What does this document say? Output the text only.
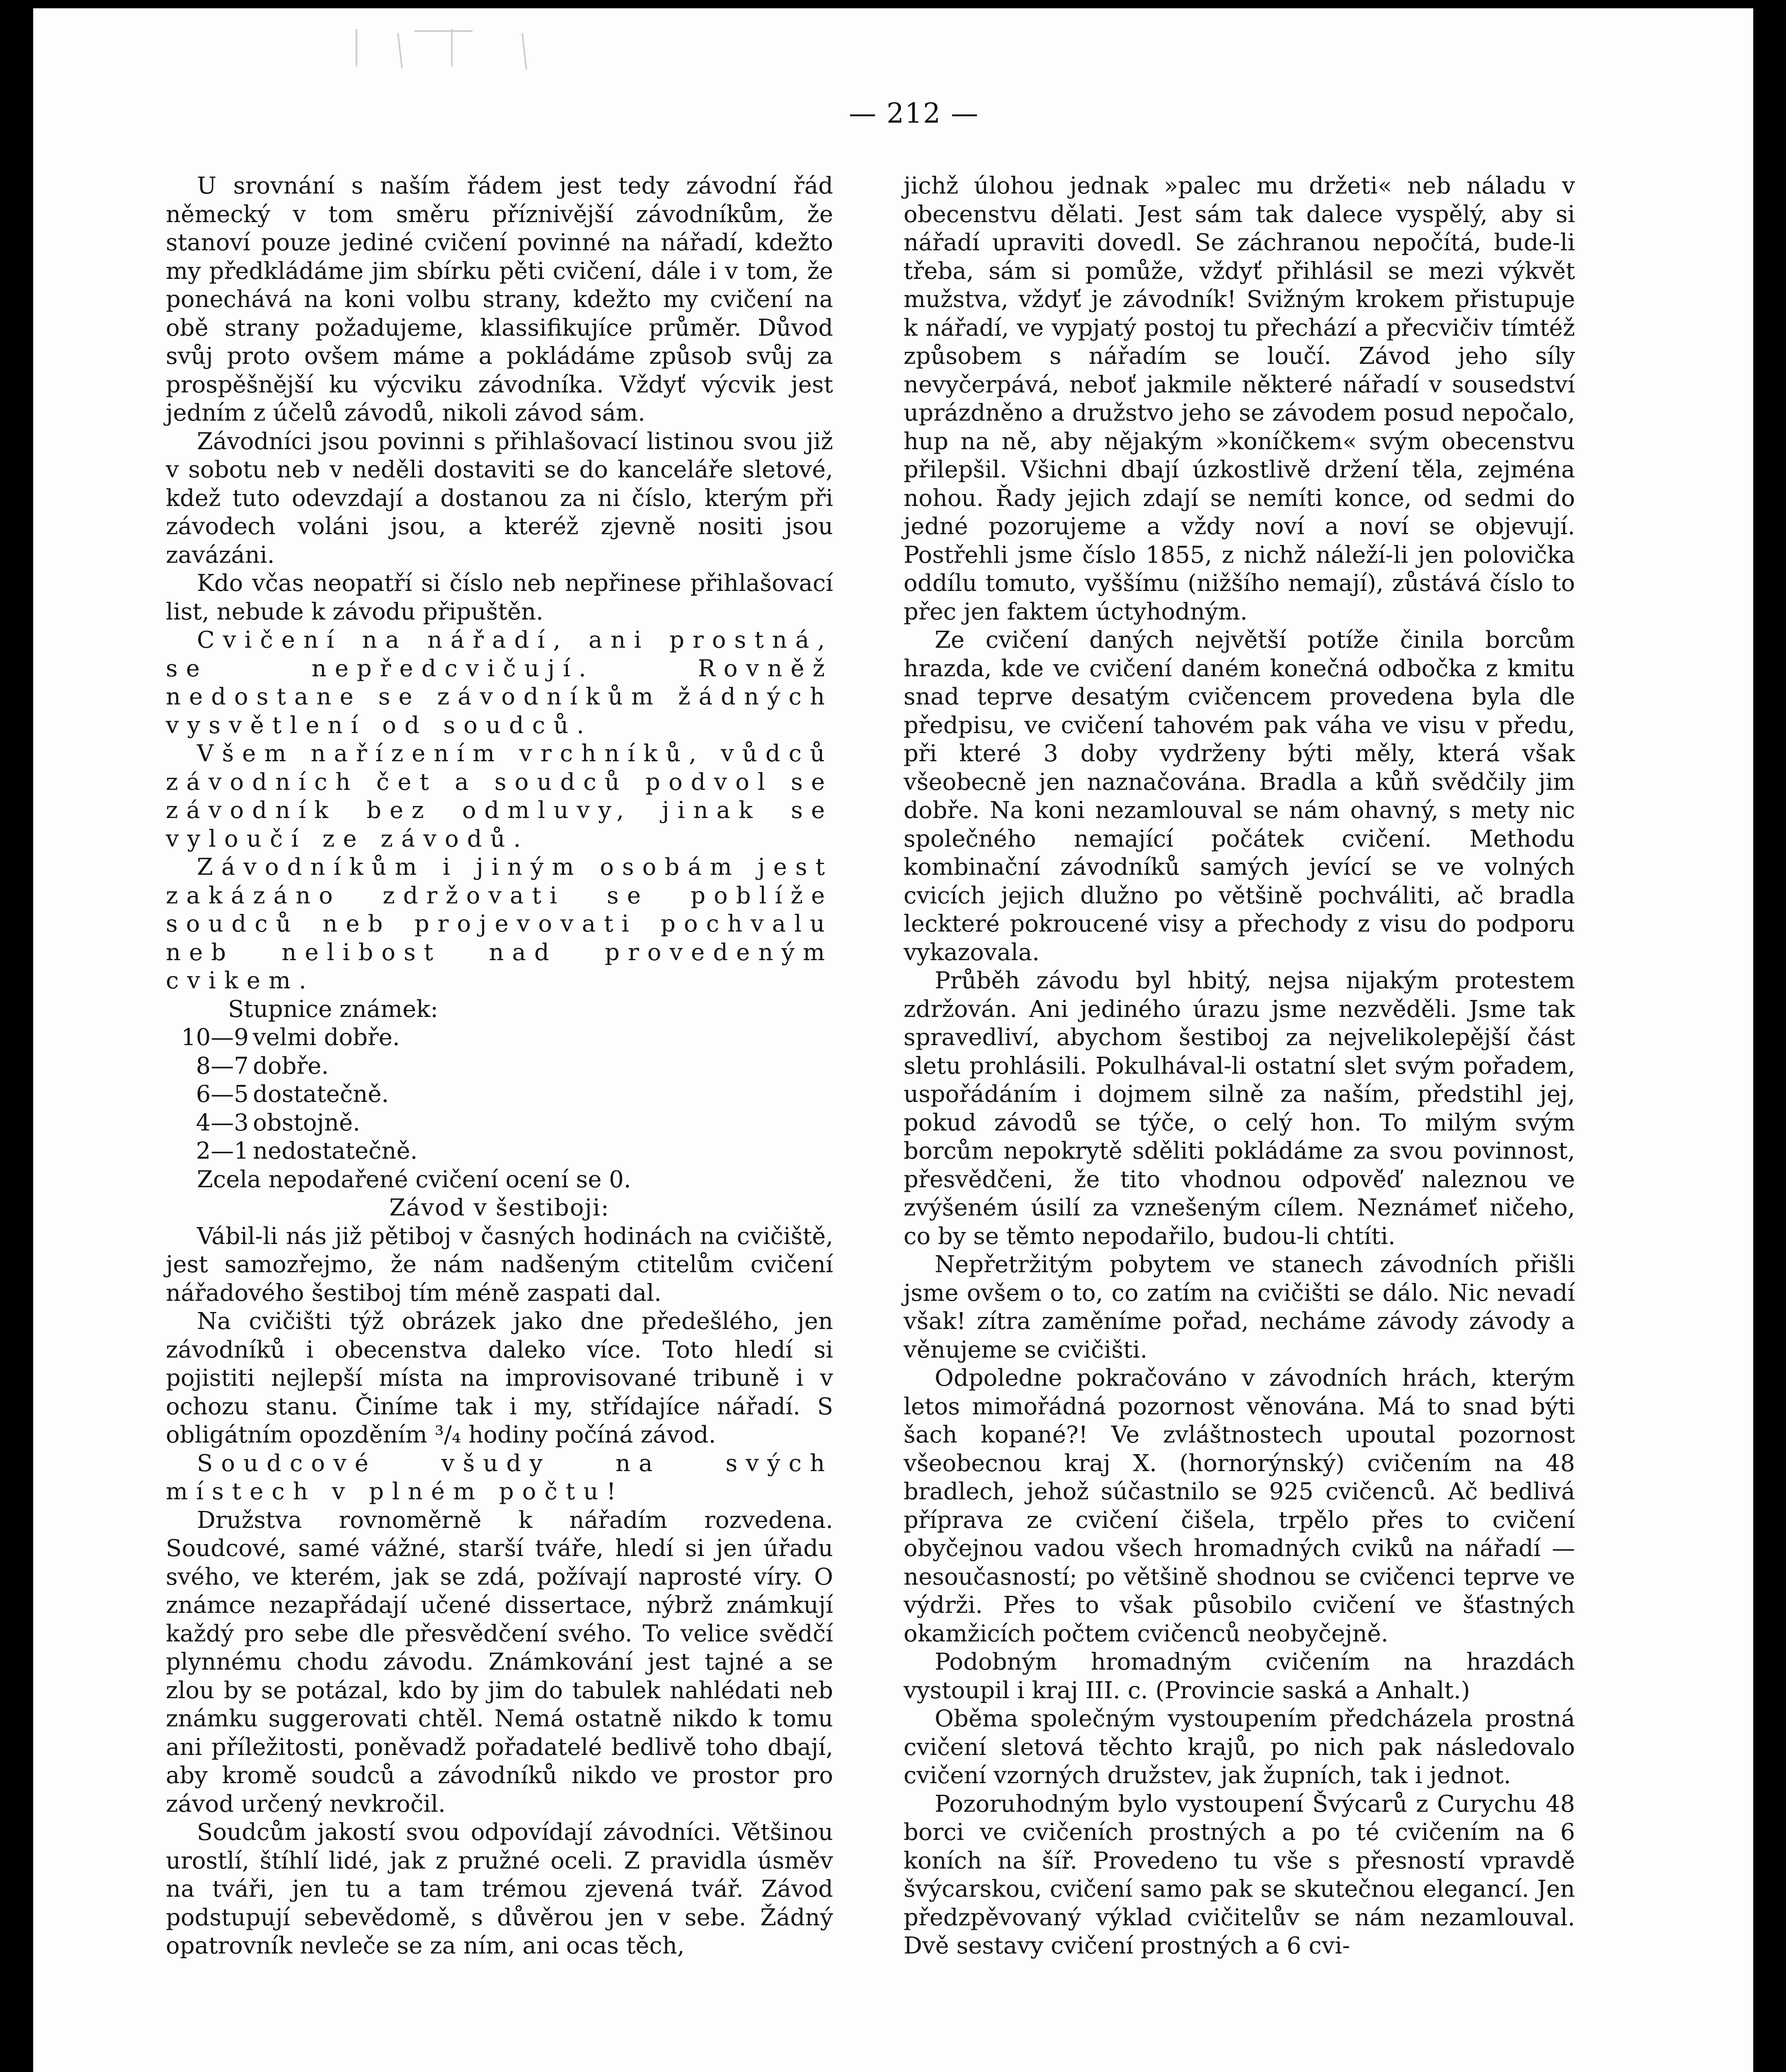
— 212 —

U srovnání s naším řádem jest tedy závodní řád německý v tom směru příznivější závodníkům, že stanoví pouze jediné cvičení povinné na nářadí, kdežto my předkládáme jim sbírku pěti cvičení, dále i v tom, že ponechává na koni volbu strany, kdežto my cvičení na obě strany požadujeme, klassifikujíce průměr. Důvod svůj proto ovšem máme a pokládáme způsob svůj za prospěšnější ku výcviku závodníka. Vždyť výcvik jest jedním z účelů závodů, nikoli závod sám.

Závodníci jsou povinni s přihlašovací listinou svou již v sobotu neb v neděli dostaviti se do kanceláře sletové, kdež tuto odevzdají a dostanou za ni číslo, kterým při závodech voláni jsou, a kteréž zjevně nositi jsou zavázáni.

Kdo včas neopatří si číslo neb nepřinese přihlašovací list, nebude k závodu připuštěn.

Cvičení na nářadí, ani prostná, se nepředcvičují. Rovněž nedostane se závodníkům žádných vysvětlení od soudců.

Všem nařízením vrchníků, vůdců závodních čet a soudců podvol se závodník bez odmluvy, jinak se vyloučí ze závodů.

Závodníkům i jiným osobám jest zakázáno zdržovati se poblíže soudců neb projevovati pochvalu neb nelibost nad provedeným cvikem.

Stupnice známek:

10—9 velmi dobře.
8—7 dobře.
6—5 dostatečně.
4—3 obstojně.
2—1 nedostatečně.

Zcela nepodařené cvičení ocení se 0.

Závod v šestiboji:

Vábil-li nás již pětiboj v časných hodinách na cvičiště, jest samozřejmo, že nám nadšeným ctitelům cvičení nářadového šestiboj tím méně zaspati dal.

Na cvičišti týž obrázek jako dne předešlého, jen závodníků i obecenstva daleko více. Toto hledí si pojistiti nejlepší místa na improvisované tribuně i v ochozu stanu. Činíme tak i my, střídajíce nářadí. S obligátním opozděním ³/₄ hodiny počíná závod.

Soudcové všudy na svých místech v plném počtu!

Družstva rovnoměrně k nářadím rozvedena. Soudcové, samé vážné, starší tváře, hledí si jen úřadu svého, ve kterém, jak se zdá, požívají naprosté víry. O známce nezapřádají učené dissertace, nýbrž známkují každý pro sebe dle přesvědčení svého. To velice svědčí plynnému chodu závodu. Známkování jest tajné a se zlou by se potázal, kdo by jim do tabulek nahlédati neb známku suggerovati chtěl. Nemá ostatně nikdo k tomu ani příležitosti, poněvadž pořadatelé bedlivě toho dbají, aby kromě soudců a závodníků nikdo ve prostor pro závod určený nevkročil.

Soudcům jakostí svou odpovídají závodníci. Většinou urostlí, štíhlí lidé, jak z pružné oceli. Z pravidla úsměv na tváři, jen tu a tam trémou zjevená tvář. Závod podstupují sebevědomě, s důvěrou jen v sebe. Žádný opatrovník nevleče se za ním, ani ocas těch,

jichž úlohou jednak »palec mu držeti« neb náladu v obecenstvu dělati. Jest sám tak dalece vyspělý, aby si nářadí upraviti dovedl. Se záchranou nepočítá, bude-li třeba, sám si pomůže, vždyť přihlásil se mezi výkvět mužstva, vždyť je závodník! Svižným krokem přistupuje k nářadí, ve vypjatý postoj tu přechází a přecvičiv tímtéž způsobem s nářadím se loučí. Závod jeho síly nevyčerpává, neboť jakmile některé nářadí v sousedství uprázdněno a družstvo jeho se závodem posud nepočalo, hup na ně, aby nějakým »koníčkem« svým obecenstvu přilepšil. Všichni dbají úzkostlivě držení těla, zejména nohou. Řady jejich zdají se nemíti konce, od sedmi do jedné pozorujeme a vždy noví a noví se objevují. Postřehli jsme číslo 1855, z nichž náleží-li jen polovička oddílu tomuto, vyššímu (nižšího nemají), zůstává číslo to přec jen faktem úctyhodným.

Ze cvičení daných největší potíže činila borcům hrazda, kde ve cvičení daném konečná odbočka z kmitu snad teprve desatým cvičencem provedena byla dle předpisu, ve cvičení tahovém pak váha ve visu v předu, při které 3 doby vydrženy býti měly, která však všeobecně jen naznačována. Bradla a kůň svědčily jim dobře. Na koni nezamlouval se nám ohavný, s mety nic společného nemající počátek cvičení. Methodu kombinační závodníků samých jevící se ve volných cvicích jejich dlužno po většině pochváliti, ač bradla leckteré pokroucené visy a přechody z visu do podporu vykazovala.

Průběh závodu byl hbitý, nejsa nijakým protestem zdržován. Ani jediného úrazu jsme nezvěděli. Jsme tak spravedliví, abychom šestiboj za nejvelikolepější část sletu prohlásili. Pokulhával-li ostatní slet svým pořadem, uspořádáním i dojmem silně za naším, předstihl jej, pokud závodů se týče, o celý hon. To milým svým borcům nepokrytě sděliti pokládáme za svou povinnost, přesvědčeni, že tito vhodnou odpověď naleznou ve zvýšeném úsilí za vznešeným cílem. Neznámeť ničeho, co by se těmto nepodařilo, budou-li chtíti.

Nepřetržitým pobytem ve stanech závodních přišli jsme ovšem o to, co zatím na cvičišti se dálo. Nic nevadí však! zítra zaměníme pořad, necháme závody závody a věnujeme se cvičišti.

Odpoledne pokračováno v závodních hrách, kterým letos mimořádná pozornost věnována. Má to snad býti šach kopané?! Ve zvláštnostech upoutal pozornost všeobecnou kraj X. (hornorýnský) cvičením na 48 bradlech, jehož súčastnilo se 925 cvičenců. Ač bedlivá příprava ze cvičení čišela, trpělo přes to cvičení obyčejnou vadou všech hromadných cviků na nářadí — nesoučasností; po většině shodnou se cvičenci teprve ve výdrži. Přes to však působilo cvičení ve šťastných okamžicích počtem cvičenců neobyčejně.

Podobným hromadným cvičením na hrazdách vystoupil i kraj III. c. (Provincie saská a Anhalt.)

Oběma společným vystoupením předcházela prostná cvičení sletová těchto krajů, po nich pak následovalo cvičení vzorných družstev, jak župních, tak i jednot.

Pozoruhodným bylo vystoupení Švýcarů z Curychu 48 borci ve cvičeních prostných a po té cvičením na 6 koních na šíř. Provedeno tu vše s přesností vpravdě švýcarskou, cvičení samo pak se skutečnou elegancí. Jen předzpěvovaný výklad cvičitelův se nám nezamlouval. Dvě sestavy cvičení prostných a 6 cvi-
